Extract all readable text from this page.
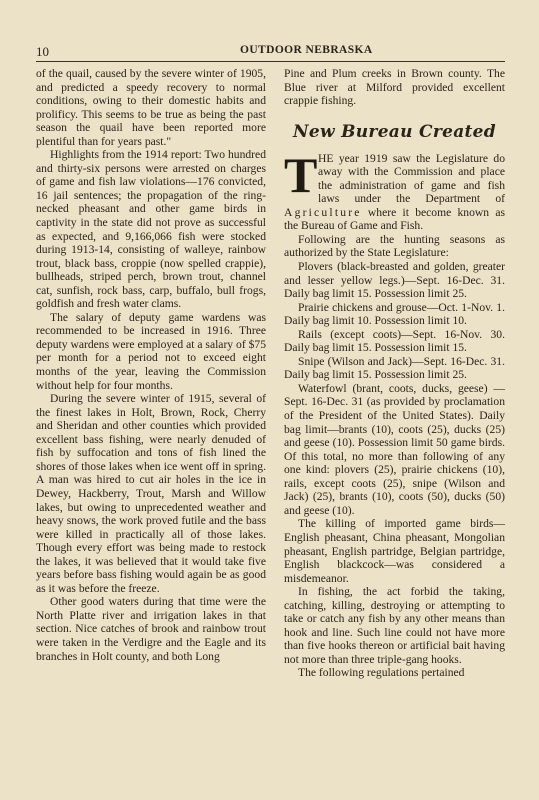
10	OUTDOOR NEBRASKA

of the quail, caused by the severe winter of 1905, and predicted a speedy recovery to normal conditions, owing to their domestic habits and prolificy. This seems to be true as being the past season the quail have been reported more plentiful than for years past."

Highlights from the 1914 report: Two hundred and thirty-six persons were arrested on charges of game and fish law violations—176 convicted, 16 jail sentences; the propagation of the ring-necked pheasant and other game birds in captivity in the state did not prove as successful as expected, and 9,166,066 fish were stocked during 1913-14, consisting of walleye, rainbow trout, black bass, croppie (now spelled crappie), bullheads, striped perch, brown trout, channel cat, sunfish, rock bass, carp, buffalo, bull frogs, goldfish and fresh water clams.

The salary of deputy game wardens was recommended to be increased in 1916. Three deputy wardens were employed at a salary of $75 per month for a period not to exceed eight months of the year, leaving the Commission without help for four months.

During the severe winter of 1915, several of the finest lakes in Holt, Brown, Rock, Cherry and Sheridan and other counties which provided excellent bass fishing, were nearly denuded of fish by suffocation and tons of fish lined the shores of those lakes when ice went off in spring. A man was hired to cut air holes in the ice in Dewey, Hackberry, Trout, Marsh and Willow lakes, but owing to unprecedented weather and heavy snows, the work proved futile and the bass were killed in practically all of those lakes. Though every effort was being made to restock the lakes, it was believed that it would take five years before bass fishing would again be as good as it was before the freeze.

Other good waters during that time were the North Platte river and irrigation lakes in that section. Nice catches of brook and rainbow trout were taken in the Verdigre and the Eagle and its branches in Holt county, and both Long

Pine and Plum creeks in Brown county. The Blue river at Milford provided excellent crappie fishing.

New Bureau Created

THE year 1919 saw the Legislature do away with the Commission and place the administration of game and fish laws under the Department of Agriculture where it become known as the Bureau of Game and Fish.

Following are the hunting seasons as authorized by the State Legislature:

Plovers (black-breasted and golden, greater and lesser yellow legs.)—Sept. 16-Dec. 31. Daily bag limit 15. Possession limit 25.

Prairie chickens and grouse—Oct. 1-Nov. 1. Daily bag limit 10. Possession limit 10.

Rails (except coots)—Sept. 16-Nov. 30. Daily bag limit 15. Possession limit 15.

Snipe (Wilson and Jack)—Sept. 16-Dec. 31. Daily bag limit 15. Possession limit 25.

Waterfowl (brant, coots, ducks, geese) —Sept. 16-Dec. 31 (as provided by proclamation of the President of the United States). Daily bag limit—brants (10), coots (25), ducks (25) and geese (10). Possession limit 50 game birds. Of this total, no more than following of any one kind: plovers (25), prairie chickens (10), rails, except coots (25), snipe (Wilson and Jack) (25), brants (10), coots (50), ducks (50) and geese (10).

The killing of imported game birds—English pheasant, China pheasant, Mongolian pheasant, English partridge, Belgian partridge, English blackcock—was considered a misdemeanor.

In fishing, the act forbid the taking, catching, killing, destroying or attempting to take or catch any fish by any other means than hook and line. Such line could not have more than five hooks thereon or artificial bait having not more than three triple-gang hooks.

The following regulations pertained
